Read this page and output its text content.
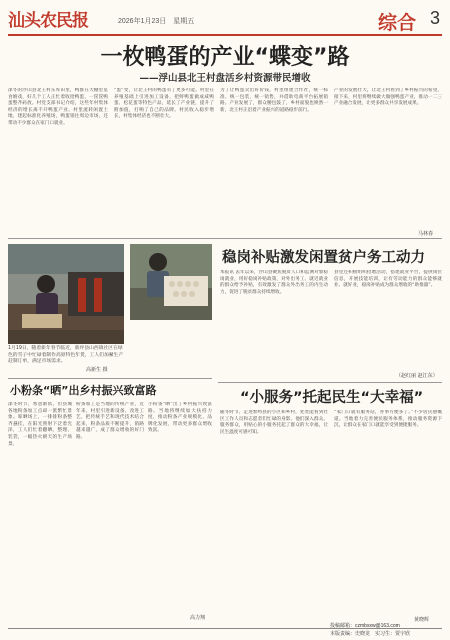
汕头农民报	2026年1月23日　星期五	综合 3
一枚鸭蛋的产业“蝶变”路
——浮山县北王村盘活乡村资源带民增收
深冬的浮山县北王村东库田里，鸭群在大棚里觅食嬉戏，好几个工人正忙着收拾鸭蛋，一筐筐鸭蛋整齐码放。村党支部书记介绍，这些年村集体经济的增长离不开鸭蛋产业。村里流转闲置土地，建起标准化养殖场，鸭蛋销往周边市场，还带动不少群众在家门口就业。
“蛋”变，让北王村的鸭蛋有了更多可能。村里在养殖基础上引进加工设备，把鲜鸭蛋做成咸鸭蛋、松花蛋等特色产品，延长了产业链，提升了附加值，打响了自己的品牌。村民收入稳步增长，村集体经济也不断壮大。
为了让鸭蛋卖出好价钱，村里组建合作社，统一标准、统一包装、统一销售，并借助电商平台拓展销路。产业发展了，群众腰包鼓了，乡村面貌也焕然一新，北王村正沿着产业振兴的道路稳步前行。
产业的发展壮大，让北王村看到了乡村振兴的希望，接下来，村里将继续做大做强鸭蛋产业，推动一二三产业融合发展，让更多群众共享发展成果。
马林春
1月19日，随着新年春节临近，新坪县山西镇社区在绿色的雪子中忙碌着制作高原特色年货，工人们加紧生产赶制订单，满足市场需求。
高新生 摄
稳岗补贴激发闲置贫户务工动力
本报讯 去年以来，浮山县聚焦脱贫人口和监测对象稳岗就业，用好稳岗补贴政策，对外出务工、就近就业的群众给予补贴，有效激发了群众外出务工的内生动力，促进了脱贫群众持续增收。
县里还积极组织招聘活动，搭建就业平台，提供岗位信息，开展技能培训，让有劳动能力的群众能够就业、就好业，稳岗补贴成为群众增收的“助推器”。
（赵红丽 赵江东）
小粉条“晒”出乡村振兴致富路
深冬时节，寒意渐浓，但县城各地粉条加工点却一派繁忙景象。晾晒场上，一排排粉条整齐悬挂，在阳光照射下泛着光泽，工人们忙着翻晒、整理、装袋，一幅热火朝天的生产场景。
粉条加工是当地的传统产业，近年来，村里引进新设备、改进工艺，把传统手艺和现代技术结合起来，粉条品质不断提升，销路越来越广，成了群众增收的好门路。
小粉条“晒”出了乡村振兴致富路。当地将继续加大扶持力度，推动粉条产业规模化、品牌化发展，带动更多群众增收致富。
高力翔
“小服务”托起民生“大幸福”
随冬时节，走进繁峙县的小区和乡村，处处能看到社区工作人员和志愿者们忙碌的身影。他们深入群众、服务群众，用贴心的小服务托起了群众的大幸福，让民生温度可感可知。
“家门口就有服务站，办事方便多了。”不少居民感慨道。当地着力完善便民服务体系，推动服务资源下沉，让群众在家门口就能享受到便捷服务。
黄晓辉
本版责编：史晓龙　实习生：贾宇欣
投稿邮箱：czmbsxw@163.com
